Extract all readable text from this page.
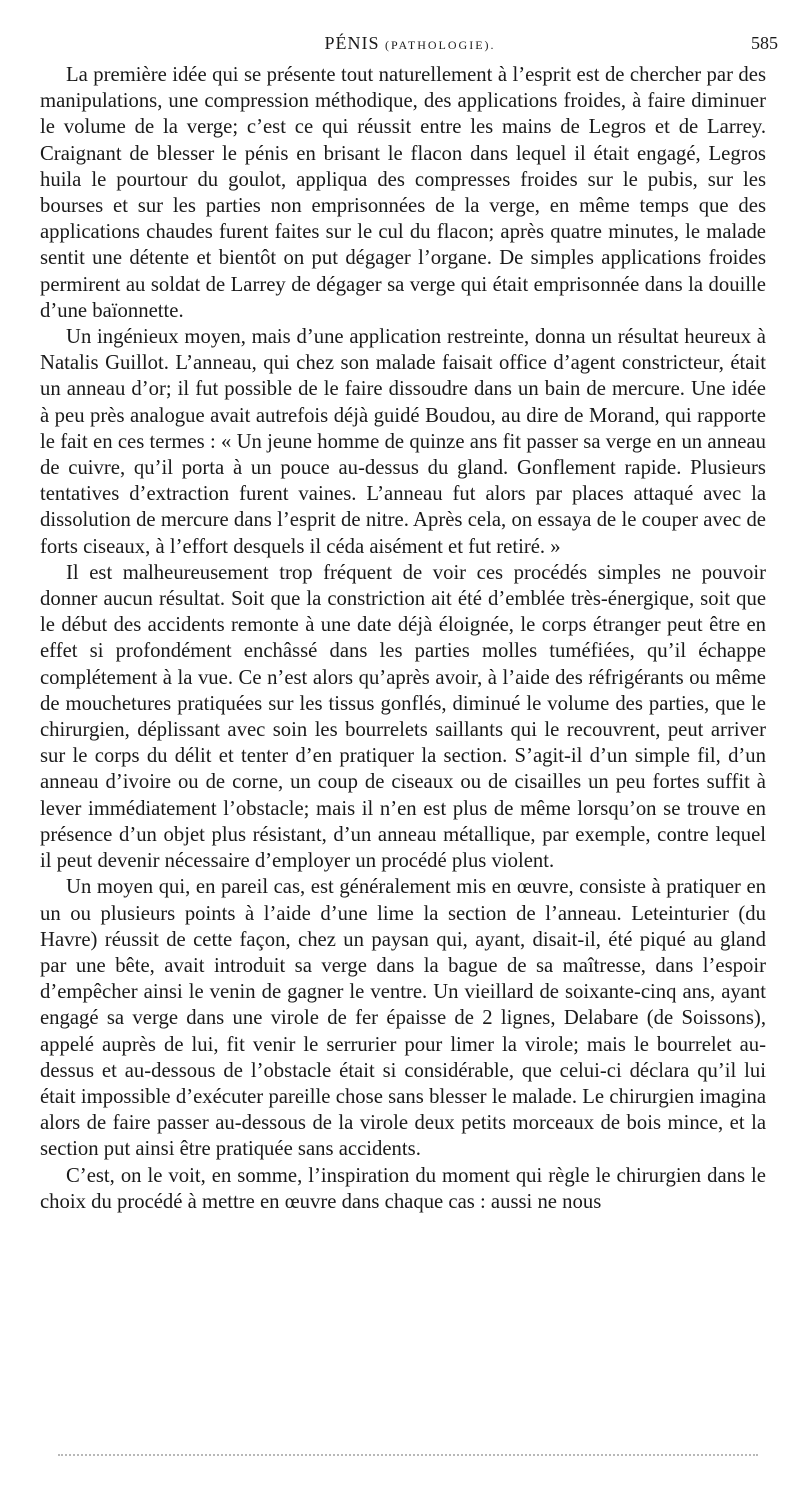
PÉNIS (PATHOLOGIE).	585

La première idée qui se présente tout naturellement à l’esprit est de chercher par des manipulations, une compression méthodique, des applications froides, à faire diminuer le volume de la verge; c’est ce qui réussit entre les mains de Legros et de Larrey. Craignant de blesser le pénis en brisant le flacon dans lequel il était engagé, Legros huila le pourtour du goulot, appliqua des compresses froides sur le pubis, sur les bourses et sur les parties non emprisonnées de la verge, en même temps que des applications chaudes furent faites sur le cul du flacon; après quatre minutes, le malade sentit une détente et bientôt on put dégager l’organe. De simples applications froides permirent au soldat de Larrey de dégager sa verge qui était emprisonnée dans la douille d’une baïonnette.

Un ingénieux moyen, mais d’une application restreinte, donna un résultat heureux à Natalis Guillot. L’anneau, qui chez son malade faisait office d’agent constricteur, était un anneau d’or; il fut possible de le faire dissoudre dans un bain de mercure. Une idée à peu près analogue avait autrefois déjà guidé Boudou, au dire de Morand, qui rapporte le fait en ces termes : « Un jeune homme de quinze ans fit passer sa verge en un anneau de cuivre, qu’il porta à un pouce au-dessus du gland. Gonflement rapide. Plusieurs tentatives d’extraction furent vaines. L’anneau fut alors par places attaqué avec la dissolution de mercure dans l’esprit de nitre. Après cela, on essaya de le couper avec de forts ciseaux, à l’effort desquels il céda aisément et fut retiré. »

Il est malheureusement trop fréquent de voir ces procédés simples ne pouvoir donner aucun résultat. Soit que la constriction ait été d’emblée très-énergique, soit que le début des accidents remonte à une date déjà éloignée, le corps étranger peut être en effet si profondément enchâssé dans les parties molles tuméfiées, qu’il échappe complétement à la vue. Ce n’est alors qu’après avoir, à l’aide des réfrigérants ou même de mouchetures pratiquées sur les tissus gonflés, diminué le volume des parties, que le chirurgien, déplissant avec soin les bourrelets saillants qui le recouvrent, peut arriver sur le corps du délit et tenter d’en pratiquer la section. S’agit-il d’un simple fil, d’un anneau d’ivoire ou de corne, un coup de ciseaux ou de cisailles un peu fortes suffit à lever immédiatement l’obstacle; mais il n’en est plus de même lorsqu’on se trouve en présence d’un objet plus résistant, d’un anneau métallique, par exemple, contre lequel il peut devenir nécessaire d’employer un procédé plus violent.

Un moyen qui, en pareil cas, est généralement mis en œuvre, consiste à pratiquer en un ou plusieurs points à l’aide d’une lime la section de l’anneau. Leteinturier (du Havre) réussit de cette façon, chez un paysan qui, ayant, disait-il, été piqué au gland par une bête, avait introduit sa verge dans la bague de sa maîtresse, dans l’espoir d’empêcher ainsi le venin de gagner le ventre. Un vieillard de soixante-cinq ans, ayant engagé sa verge dans une virole de fer épaisse de 2 lignes, Delabare (de Soissons), appelé auprès de lui, fit venir le serrurier pour limer la virole; mais le bourrelet au-dessus et au-dessous de l’obstacle était si considérable, que celui-ci déclara qu’il lui était impossible d’exécuter pareille chose sans blesser le malade. Le chirurgien imagina alors de faire passer au-dessous de la virole deux petits morceaux de bois mince, et la section put ainsi être pratiquée sans accidents.

C’est, on le voit, en somme, l’inspiration du moment qui règle le chirurgien dans le choix du procédé à mettre en œuvre dans chaque cas : aussi ne nous
